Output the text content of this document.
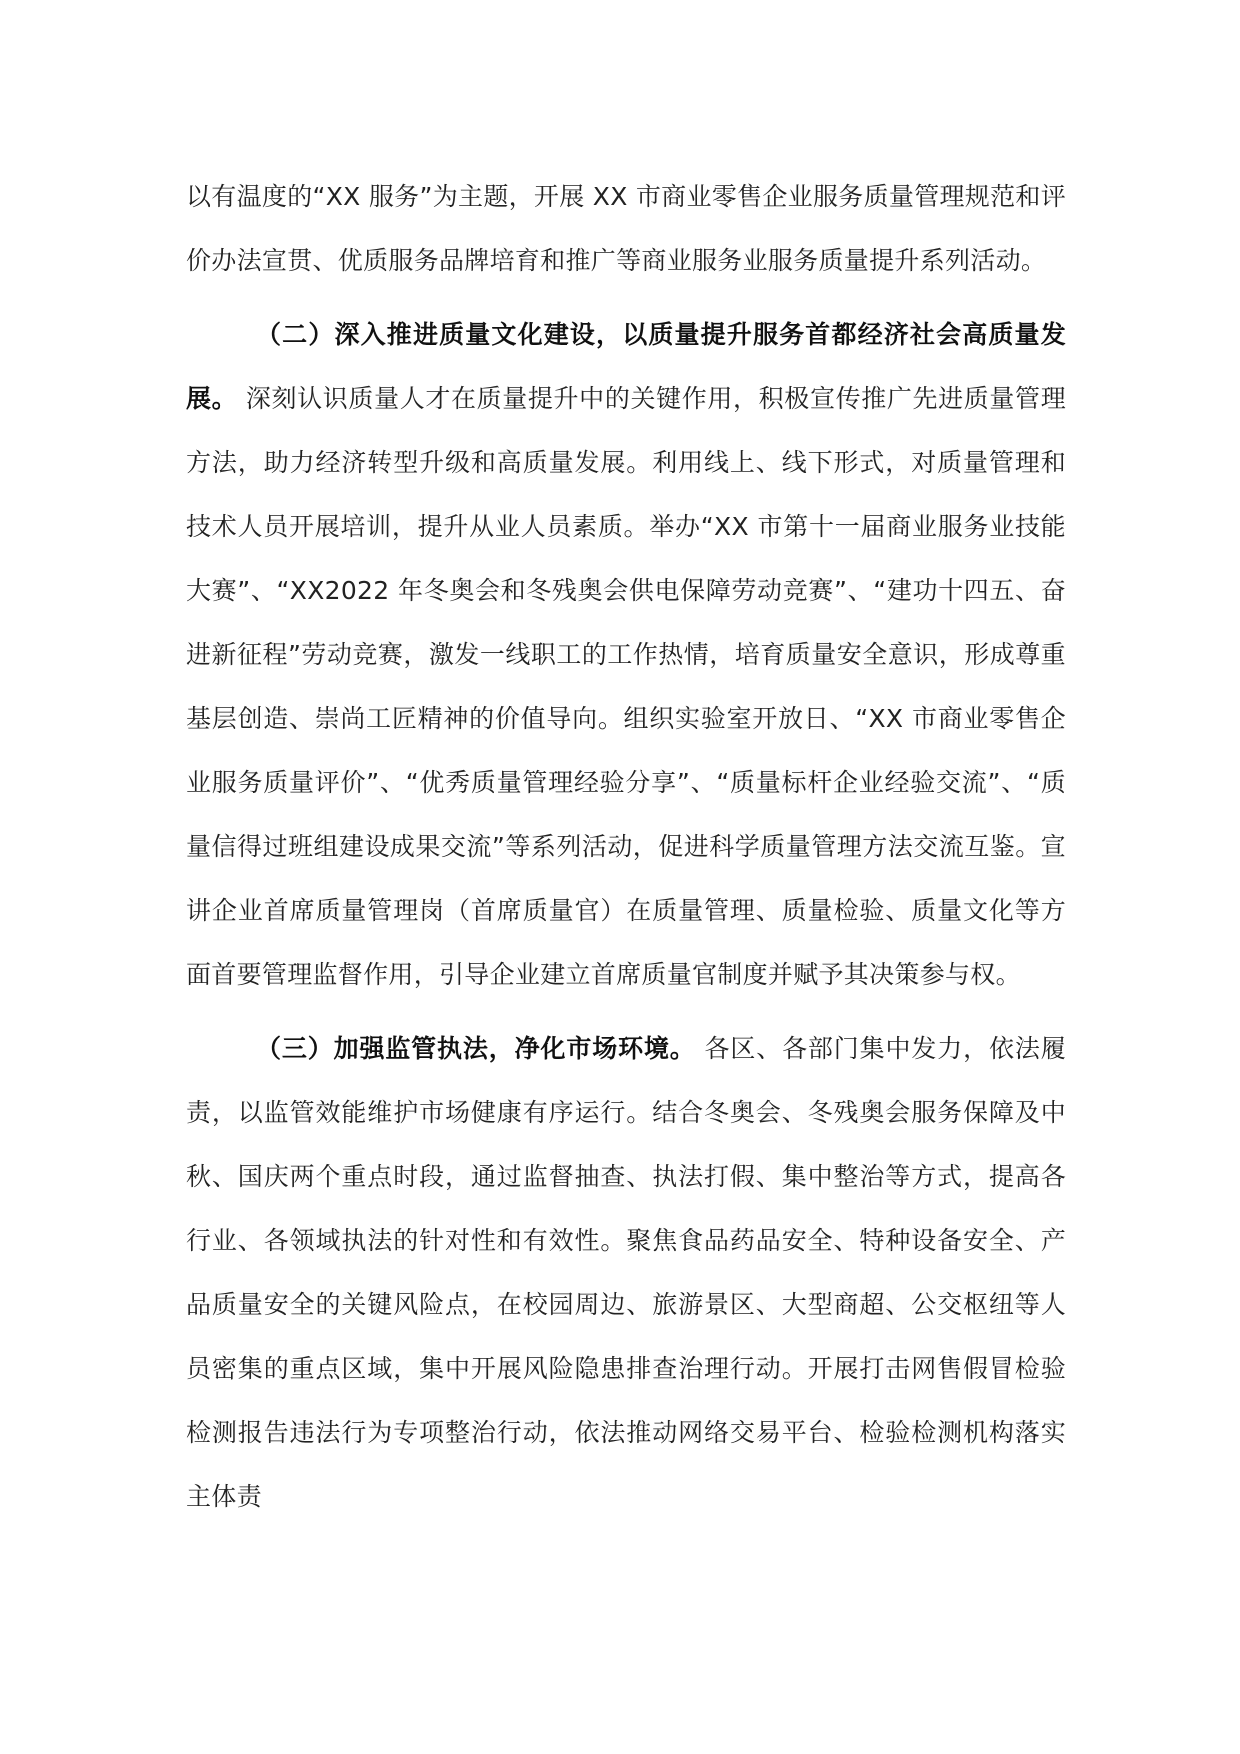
以有温度的“XX 服务”为主题，开展 XX 市商业零售企业服务质量管理规范和评价办法宣贯、优质服务品牌培育和推广等商业服务业服务质量提升系列活动。

（二）深入推进质量文化建设，以质量提升服务首都经济社会高质量发展。 深刻认识质量人才在质量提升中的关键作用，积极宣传推广先进质量管理方法，助力经济转型升级和高质量发展。利用线上、线下形式，对质量管理和技术人员开展培训，提升从业人员素质。举办“XX 市第十一届商业服务业技能大赛”、“XX2022 年冬奥会和冬残奥会供电保障劳动竞赛”、“建功十四五、奋进新征程”劳动竞赛，激发一线职工的工作热情，培育质量安全意识，形成尊重基层创造、崇尚工匠精神的价值导向。组织实验室开放日、“XX 市商业零售企业服务质量评价”、“优秀质量管理经验分享”、“质量标杆企业经验交流”、“质量信得过班组建设成果交流”等系列活动，促进科学质量管理方法交流互鉴。宣讲企业首席质量管理岗（首席质量官）在质量管理、质量检验、质量文化等方面首要管理监督作用，引导企业建立首席质量官制度并赋予其决策参与权。

（三）加强监管执法，净化市场环境。 各区、各部门集中发力，依法履责，以监管效能维护市场健康有序运行。结合冬奥会、冬残奥会服务保障及中秋、国庆两个重点时段，通过监督抽查、执法打假、集中整治等方式，提高各行业、各领域执法的针对性和有效性。聚焦食品药品安全、特种设备安全、产品质量安全的关键风险点，在校园周边、旅游景区、大型商超、公交枢纽等人员密集的重点区域，集中开展风险隐患排查治理行动。开展打击网售假冒检验检测报告违法行为专项整治行动，依法推动网络交易平台、检验检测机构落实主体责
